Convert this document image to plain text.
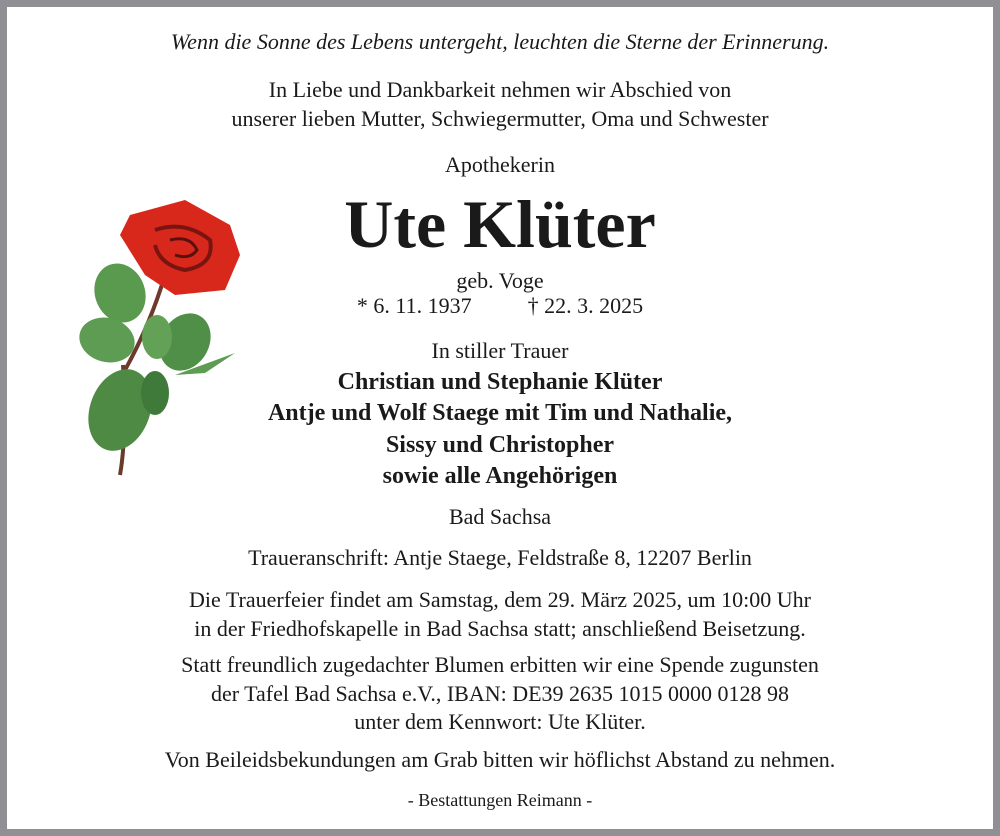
Wenn die Sonne des Lebens untergeht, leuchten die Sterne der Erinnerung.
In Liebe und Dankbarkeit nehmen wir Abschied von
unserer lieben Mutter, Schwiegermutter, Oma und Schwester
Apothekerin
Ute Klüter
geb. Voge
* 6. 11. 1937	† 22. 3. 2025
In stiller Trauer
Christian und Stephanie Klüter
Antje und Wolf Staege mit Tim und Nathalie,
Sissy und Christopher
sowie alle Angehörigen
Bad Sachsa
Traueranschrift: Antje Staege, Feldstraße 8, 12207 Berlin
Die Trauerfeier findet am Samstag, dem 29. März 2025, um 10:00 Uhr
in der Friedhofskapelle in Bad Sachsa statt; anschließend Beisetzung.
Statt freundlich zugedachter Blumen erbitten wir eine Spende zugunsten
der Tafel Bad Sachsa e.V., IBAN: DE39 2635 1015 0000 0128 98
unter dem Kennwort: Ute Klüter.
Von Beileidsbekundungen am Grab bitten wir höflichst Abstand zu nehmen.
- Bestattungen Reimann -
